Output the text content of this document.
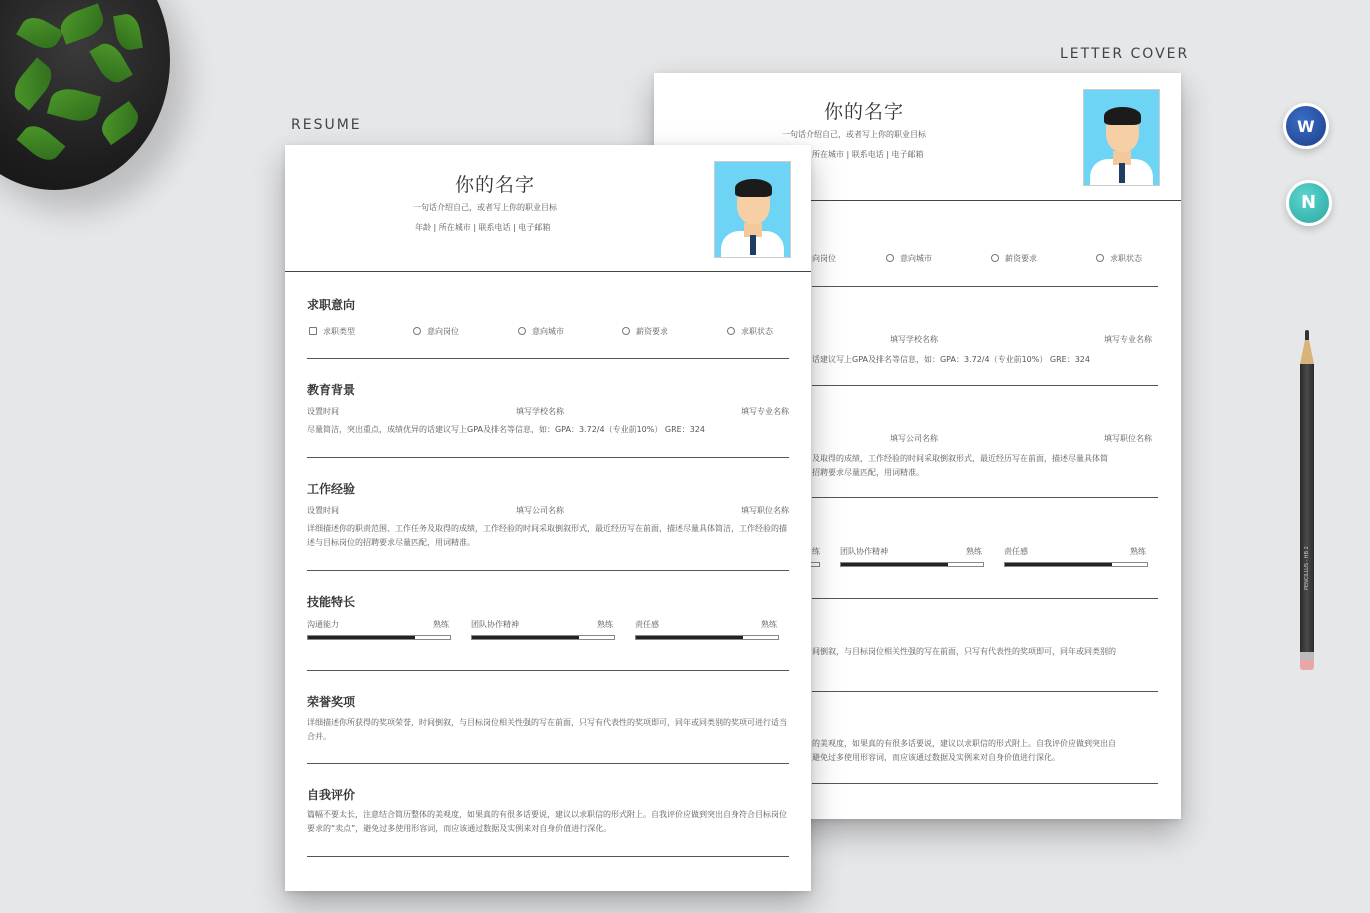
LETTER COVER
RESUME
你的名字
一句话介绍自己，或者写上你的职业目标
所在城市 | 联系电话 | 电子邮箱
向岗位	意向城市	薪资要求	求职状态
填写学校名称	填写专业名称
话建议写上GPA及排名等信息，如：GPA：3.72/4（专业前10%） GRE：324
填写公司名称	填写职位名称
及取得的成绩，工作经验的时间采取倒叙形式，最近经历写在前面，描述尽量具体简
招聘要求尽量匹配，用词精准。
练	团队协作精神	熟练	责任感	熟练
间倒叙，与目标岗位相关性强的写在前面，只写有代表性的奖项即可，同年或同类别的
的美观度，如果真的有很多话要说，建议以求职信的形式附上。自我评价应做到突出自
避免过多使用形容词，而应该通过数据及实例来对自身价值进行深化。
你的名字
一句话介绍自己，或者写上你的职业目标
年龄 | 所在城市 | 联系电话 | 电子邮箱
求职意向
求职类型	意向岗位	意向城市	薪资要求	求职状态
教育背景
设置时间	填写学校名称	填写专业名称
尽量简洁，突出重点，成绩优异的话建议写上GPA及排名等信息，如：GPA：3.72/4（专业前10%） GRE：324
工作经验
设置时间	填写公司名称	填写职位名称
详细描述你的职责范围、工作任务及取得的成绩，工作经验的时间采取倒叙形式，最近经历写在前面，描述尽量具体简洁，工作经验的描述与目标岗位的招聘要求尽量匹配，用词精准。
技能特长
沟通能力	熟练	团队协作精神	熟练	责任感	熟练
荣誉奖项
详细描述你所获得的奖项荣誉，时间倒叙，与目标岗位相关性强的写在前面，只写有代表性的奖项即可，同年或同类别的奖项可进行适当合并。
自我评价
篇幅不要太长，注意结合简历整体的美观度，如果真的有很多话要说，建议以求职信的形式附上。自我评价应做到突出自身符合目标岗位要求的“卖点”，避免过多使用形容词，而应该通过数据及实例来对自身价值进行深化。
W
N
PENCILLUS · HB 2
